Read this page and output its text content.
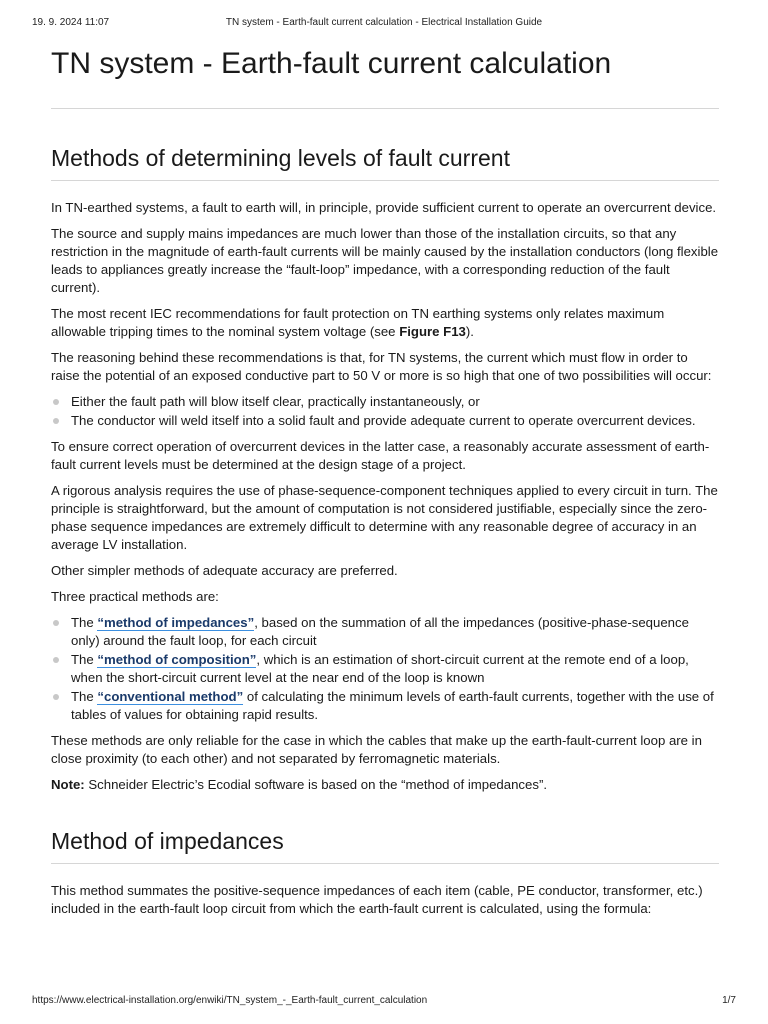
19. 9. 2024 11:07	TN system - Earth-fault current calculation - Electrical Installation Guide
TN system - Earth-fault current calculation
Methods of determining levels of fault current

In TN-earthed systems, a fault to earth will, in principle, provide sufficient current to operate an overcurrent device.

The source and supply mains impedances are much lower than those of the installation circuits, so that any restriction in the magnitude of earth-fault currents will be mainly caused by the installation conductors (long flexible leads to appliances greatly increase the “fault-loop” impedance, with a corresponding reduction of the fault current).

The most recent IEC recommendations for fault protection on TN earthing systems only relates maximum allowable tripping times to the nominal system voltage (see Figure F13).

The reasoning behind these recommendations is that, for TN systems, the current which must flow in order to raise the potential of an exposed conductive part to 50 V or more is so high that one of two possibilities will occur:

Either the fault path will blow itself clear, practically instantaneously, or
The conductor will weld itself into a solid fault and provide adequate current to operate overcurrent devices.

To ensure correct operation of overcurrent devices in the latter case, a reasonably accurate assessment of earth-fault current levels must be determined at the design stage of a project.

A rigorous analysis requires the use of phase-sequence-component techniques applied to every circuit in turn. The principle is straightforward, but the amount of computation is not considered justifiable, especially since the zero-phase sequence impedances are extremely difficult to determine with any reasonable degree of accuracy in an average LV installation.

Other simpler methods of adequate accuracy are preferred.

Three practical methods are:

The “method of impedances”, based on the summation of all the impedances (positive-phase-sequence only) around the fault loop, for each circuit
The “method of composition”, which is an estimation of short-circuit current at the remote end of a loop, when the short-circuit current level at the near end of the loop is known
The “conventional method” of calculating the minimum levels of earth-fault currents, together with the use of tables of values for obtaining rapid results.

These methods are only reliable for the case in which the cables that make up the earth-fault-current loop are in close proximity (to each other) and not separated by ferromagnetic materials.

Note: Schneider Electric’s Ecodial software is based on the “method of impedances”.

Method of impedances

This method summates the positive-sequence impedances of each item (cable, PE conductor, transformer, etc.) included in the earth-fault loop circuit from which the earth-fault current is calculated, using the formula:

https://www.electrical-installation.org/enwiki/TN_system_-_Earth-fault_current_calculation	1/7
